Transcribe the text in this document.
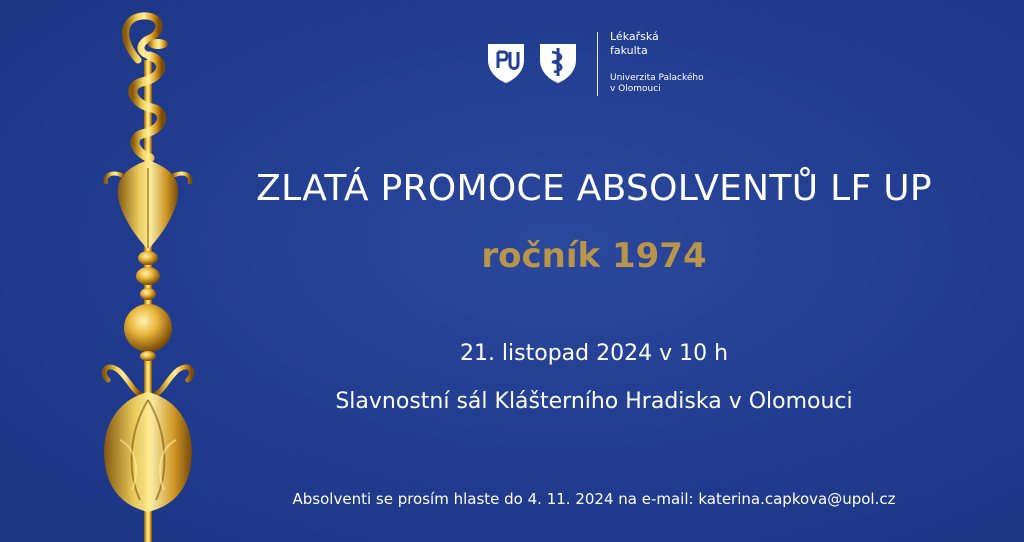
Lékařská
fakulta
Univerzita Palackého
v Olomouci
ZLATÁ PROMOCE ABSOLVENTŮ LF UP
ročník 1974
21. listopad 2024 v 10 h
Slavnostní sál Klášterního Hradiska v Olomouci
Absolventi se prosím hlaste do 4. 11. 2024 na e-mail: katerina.capkova@upol.cz
